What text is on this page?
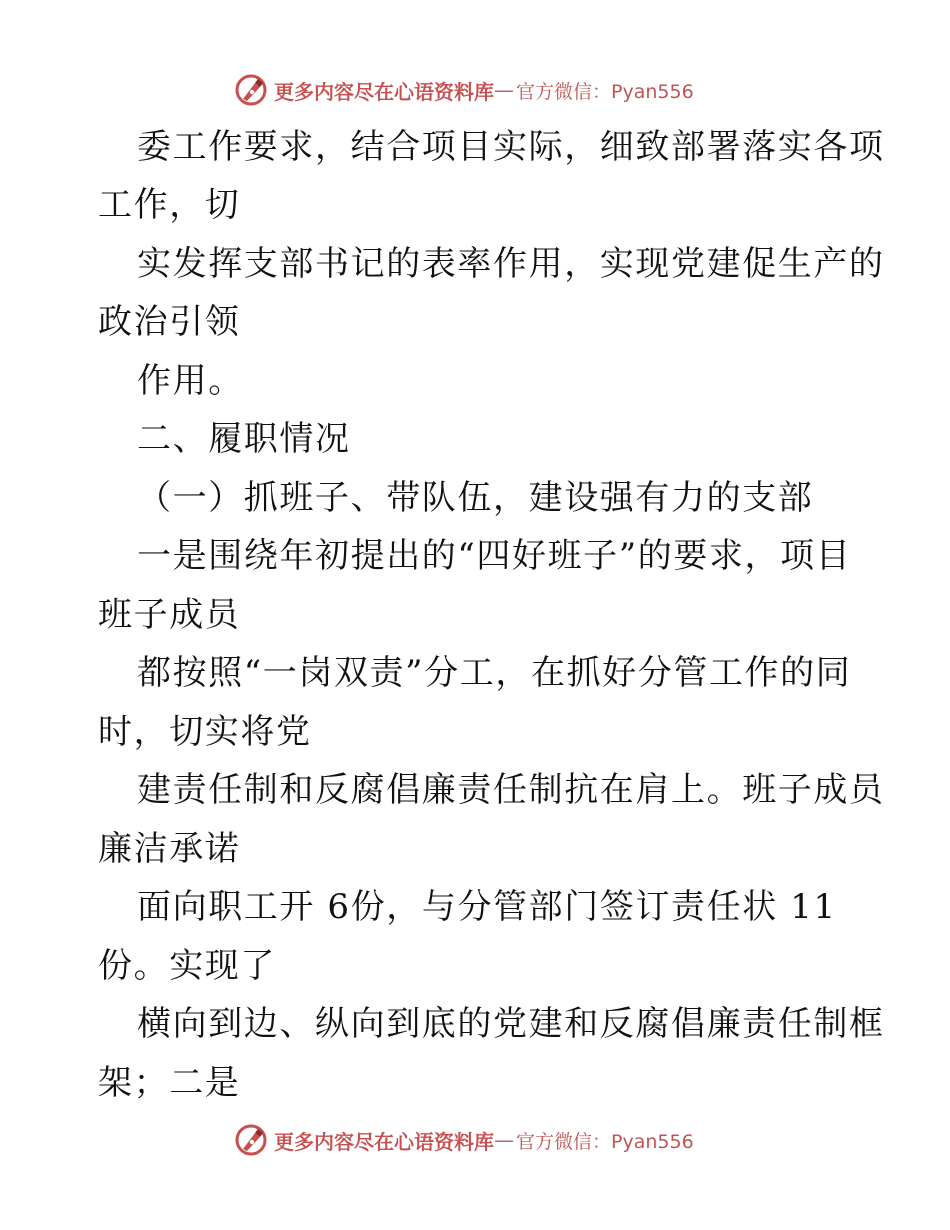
更多内容尽在心语资料库 — 官方微信：Pyan556
委工作要求，结合项目实际，细致部署落实各项
工作，切
实发挥支部书记的表率作用，实现党建促生产的
政治引领
作用。
二、履职情况
（一）抓班子、带队伍，建设强有力的支部
一是围绕年初提出的“四好班子”的要求，项目
班子成员
都按照“一岗双责”分工，在抓好分管工作的同
时，切实将党
建责任制和反腐倡廉责任制抗在肩上。班子成员
廉洁承诺
面向职工开 6份，与分管部门签订责任状 11
份。实现了
横向到边、纵向到底的党建和反腐倡廉责任制框
架；二是
更多内容尽在心语资料库 — 官方微信：Pyan556
